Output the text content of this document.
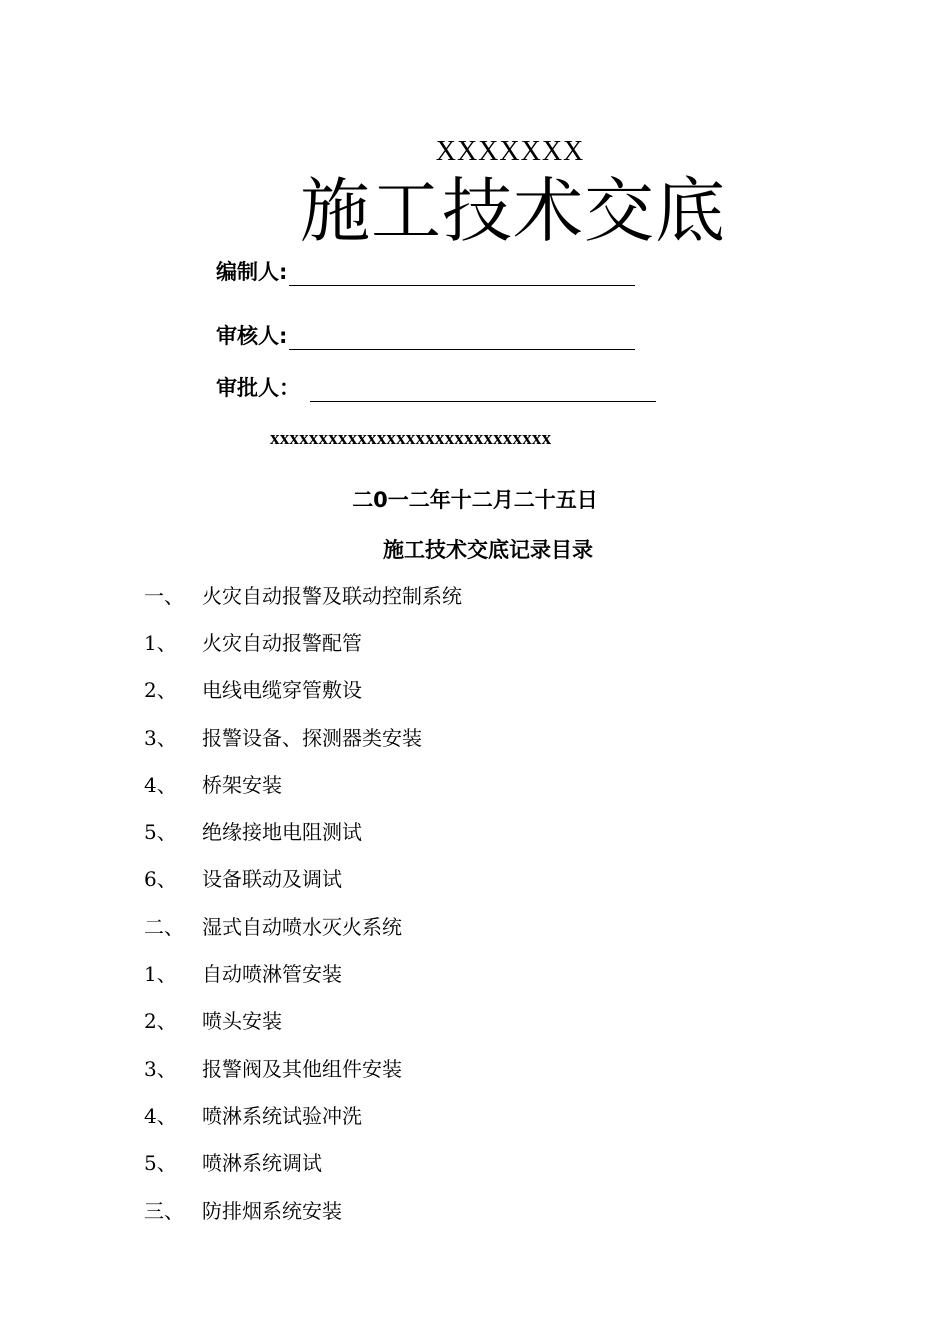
XXXXXXX
施工技术交底
编制人:
审核人:
审批人：
xxxxxxxxxxxxxxxxxxxxxxxxxxxxx
二0一二年十二月二十五日
施工技术交底记录目录
一、 火灾自动报警及联动控制系统
1、	火灾自动报警配管
2、	电线电缆穿管敷设
3、	报警设备、探测器类安装
4、	桥架安装
5、	绝缘接地电阻测试
6、	设备联动及调试
二、 湿式自动喷水灭火系统
1、	自动喷淋管安装
2、	喷头安装
3、	报警阀及其他组件安装
4、	喷淋系统试验冲洗
5、	喷淋系统调试
三、 防排烟系统安装
